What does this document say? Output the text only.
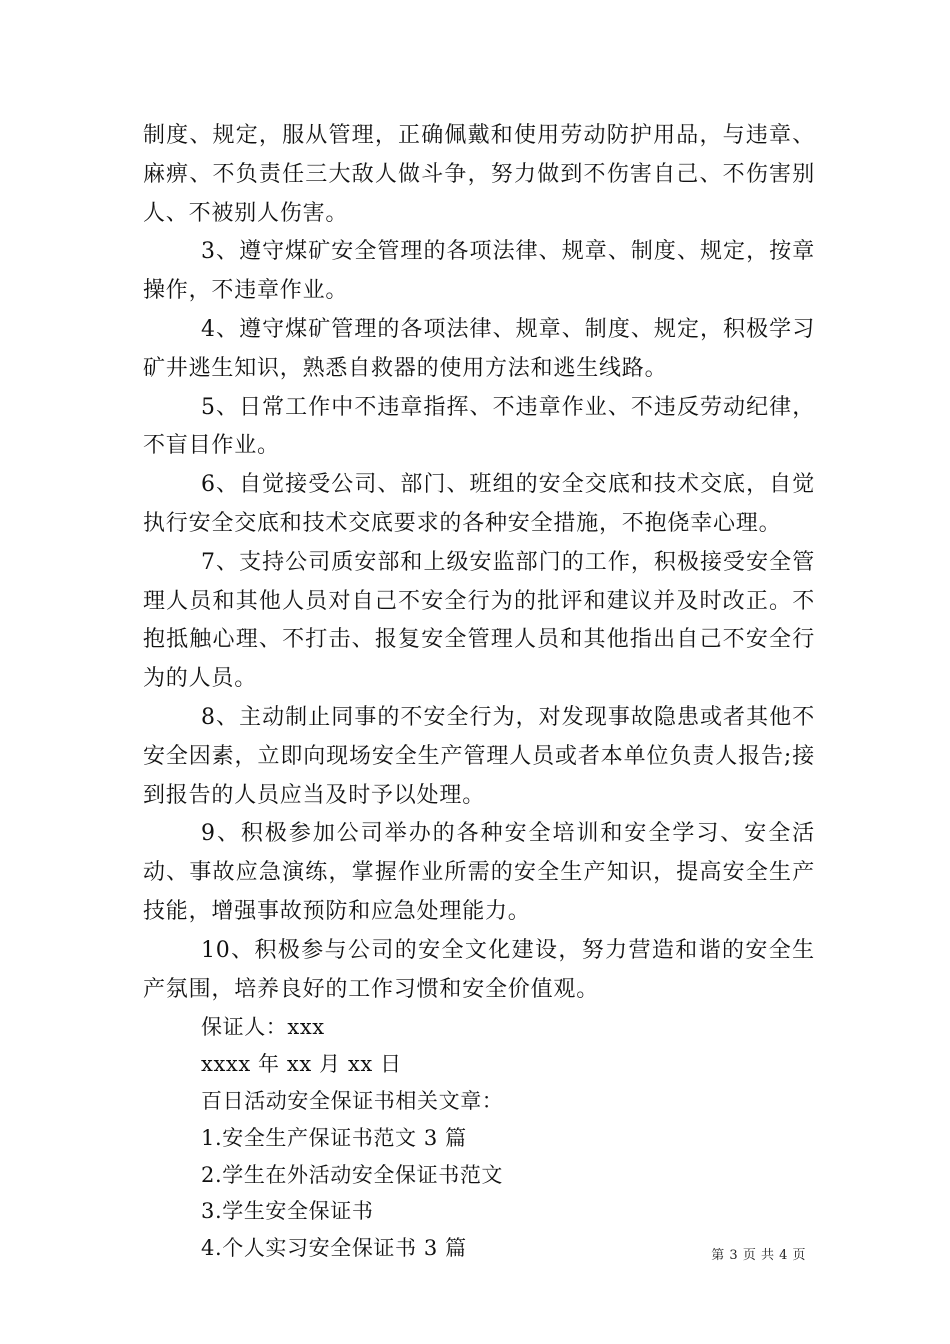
制度、规定，服从管理，正确佩戴和使用劳动防护用品，与违章、麻痹、不负责任三大敌人做斗争，努力做到不伤害自己、不伤害别人、不被别人伤害。

3、遵守煤矿安全管理的各项法律、规章、制度、规定，按章操作，不违章作业。

4、遵守煤矿管理的各项法律、规章、制度、规定，积极学习矿井逃生知识，熟悉自救器的使用方法和逃生线路。

5、日常工作中不违章指挥、不违章作业、不违反劳动纪律，不盲目作业。

6、自觉接受公司、部门、班组的安全交底和技术交底，自觉执行安全交底和技术交底要求的各种安全措施，不抱侥幸心理。

7、支持公司质安部和上级安监部门的工作，积极接受安全管理人员和其他人员对自己不安全行为的批评和建议并及时改正。不抱抵触心理、不打击、报复安全管理人员和其他指出自己不安全行为的人员。

8、主动制止同事的不安全行为，对发现事故隐患或者其他不安全因素，立即向现场安全生产管理人员或者本单位负责人报告;接到报告的人员应当及时予以处理。

9、积极参加公司举办的各种安全培训和安全学习、安全活动、事故应急演练，掌握作业所需的安全生产知识，提高安全生产技能，增强事故预防和应急处理能力。

10、积极参与公司的安全文化建设，努力营造和谐的安全生产氛围，培养良好的工作习惯和安全价值观。

保证人：xxx

xxxx 年 xx 月 xx 日

百日活动安全保证书相关文章：

1.安全生产保证书范文 3 篇

2.学生在外活动安全保证书范文

3.学生安全保证书

4.个人实习安全保证书 3 篇	第 3 页 共 4 页
